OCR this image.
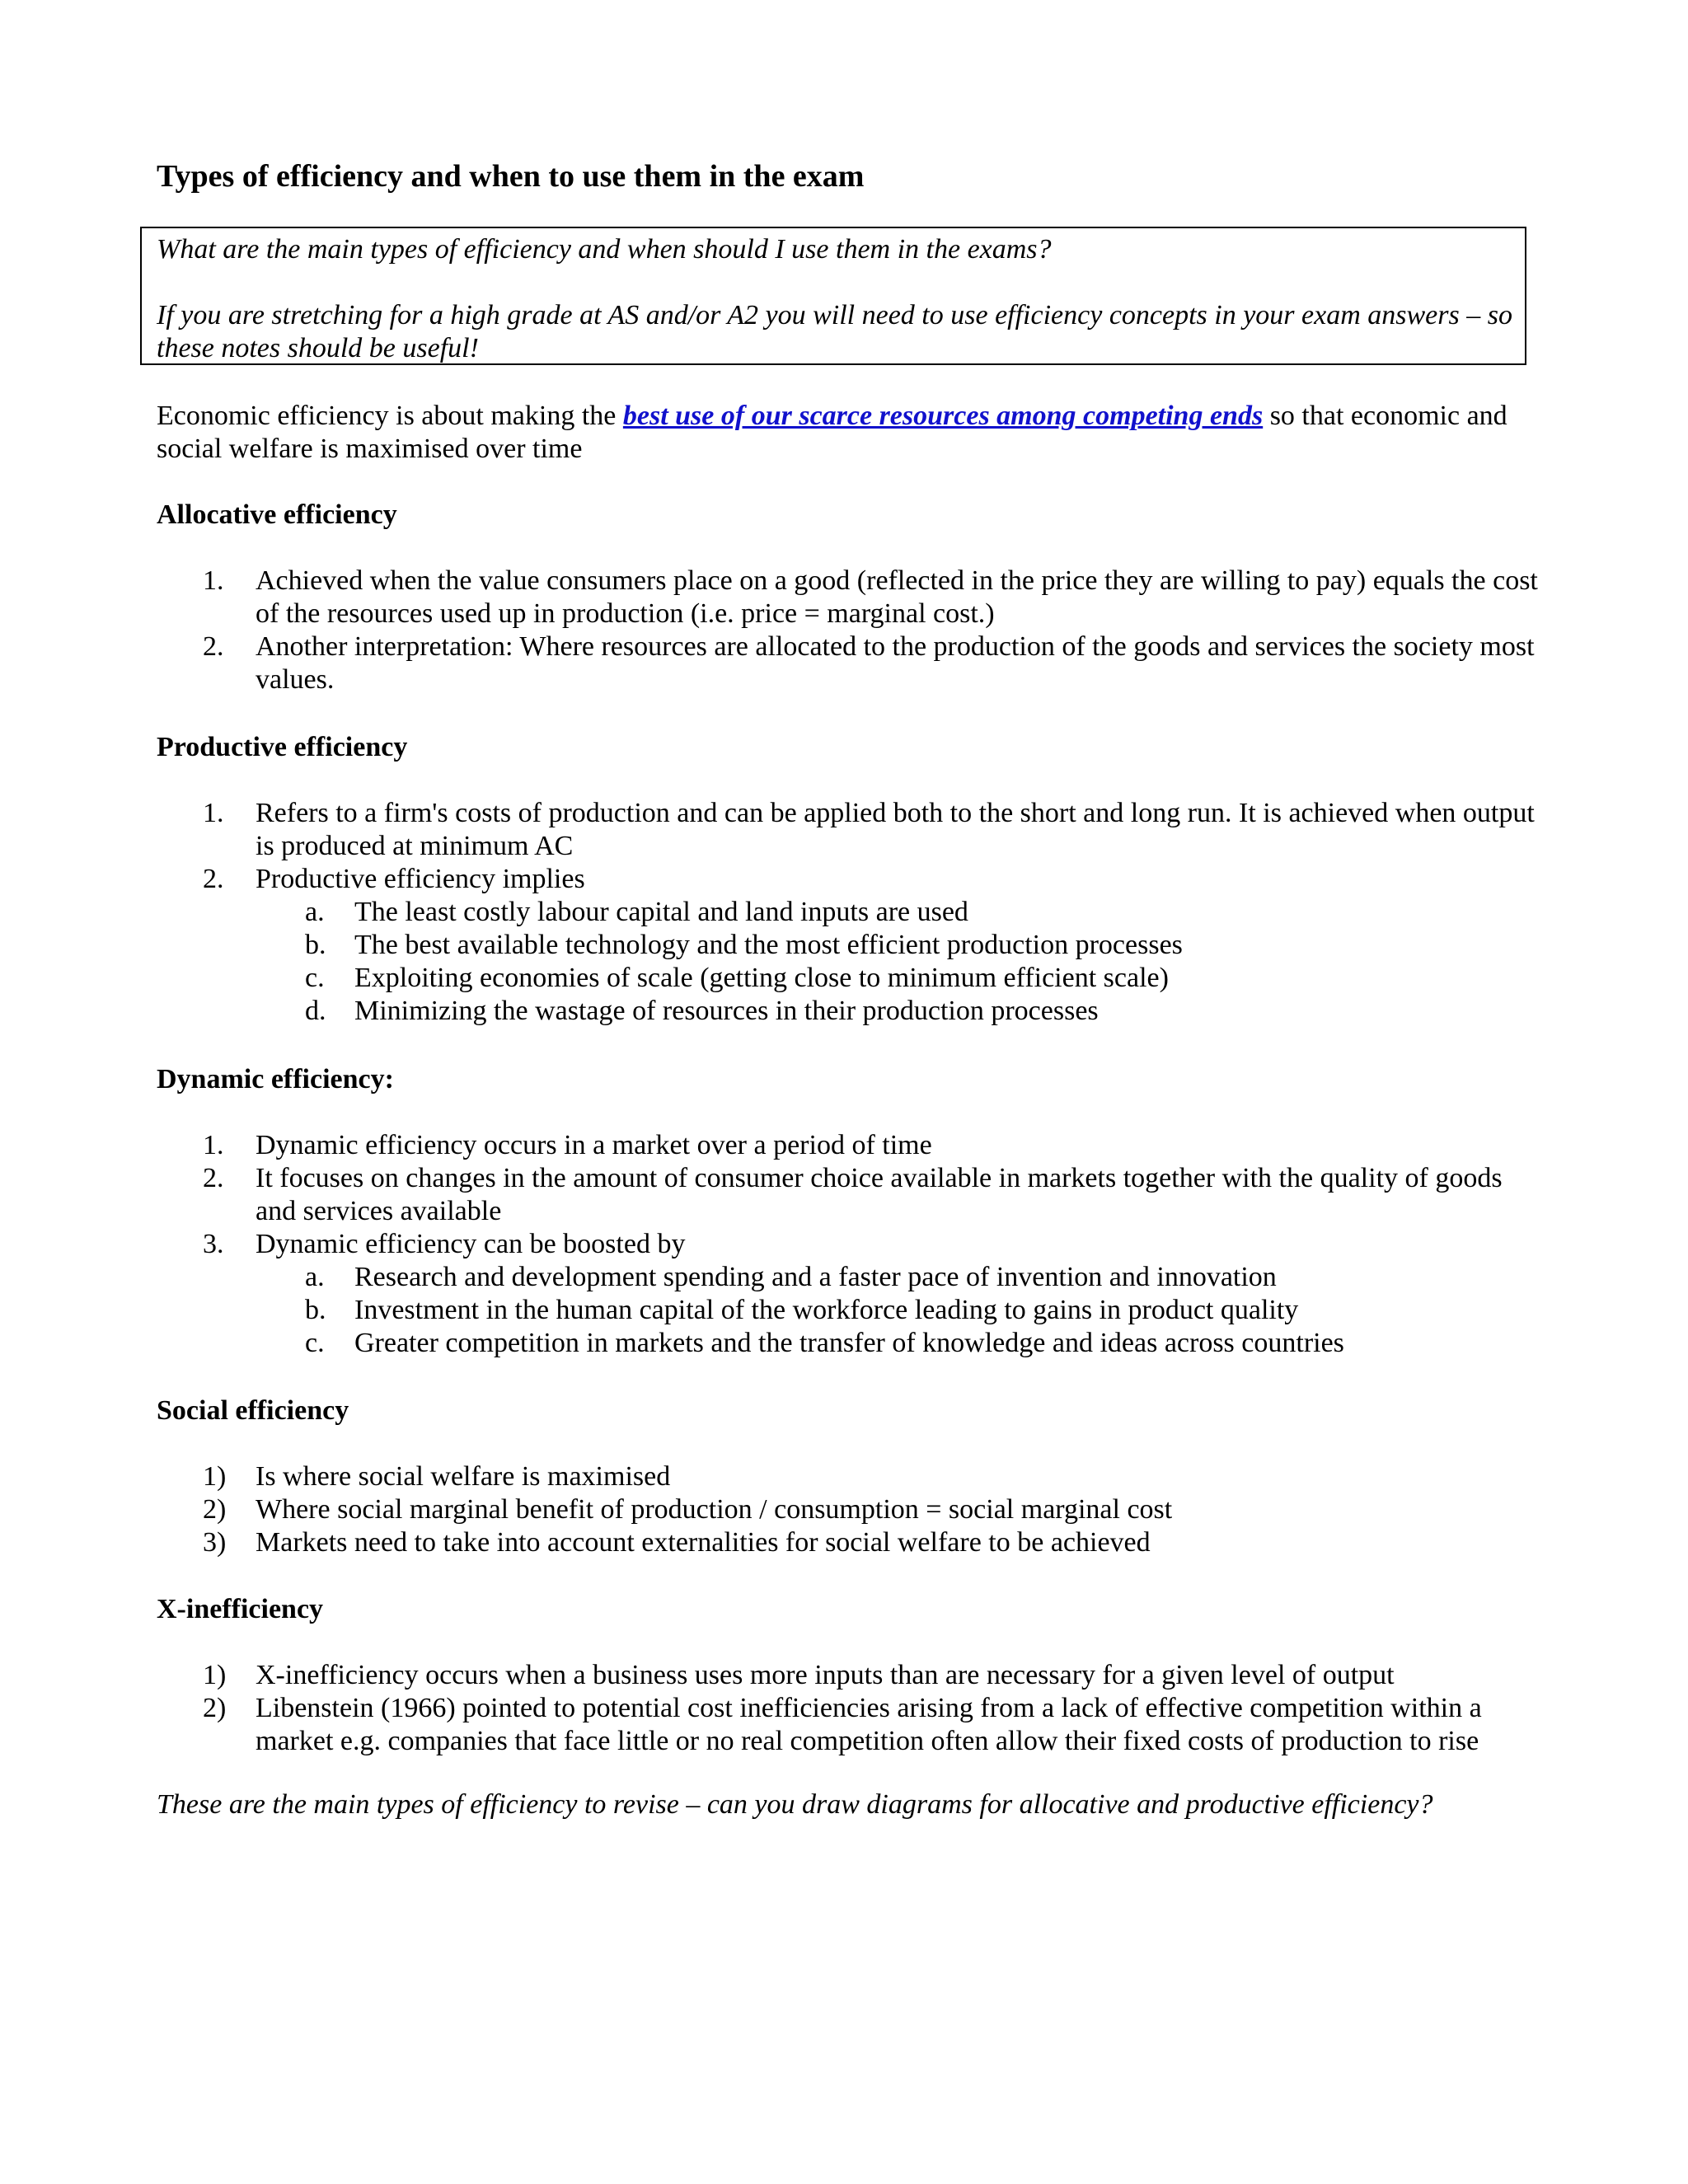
Types of efficiency and when to use them in the exam

What are the main types of efficiency and when should I use them in the exams?

If you are stretching for a high grade at AS and/or A2 you will need to use efficiency concepts in your exam answers – so these notes should be useful!

Economic efficiency is about making the best use of our scarce resources among competing ends so that economic and social welfare is maximised over time

Allocative efficiency
1. Achieved when the value consumers place on a good (reflected in the price they are willing to pay) equals the cost of the resources used up in production (i.e. price = marginal cost.)
2. Another interpretation: Where resources are allocated to the production of the goods and services the society most values.
Productive efficiency
1. Refers to a firm's costs of production and can be applied both to the short and long run. It is achieved when output is produced at minimum AC
2. Productive efficiency implies
a. The least costly labour capital and land inputs are used
b. The best available technology and the most efficient production processes
c. Exploiting economies of scale (getting close to minimum efficient scale)
d. Minimizing the wastage of resources in their production processes
Dynamic efficiency:
1. Dynamic efficiency occurs in a market over a period of time
2. It focuses on changes in the amount of consumer choice available in markets together with the quality of goods and services available
3. Dynamic efficiency can be boosted by
a. Research and development spending and a faster pace of invention and innovation
b. Investment in the human capital of the workforce leading to gains in product quality
c. Greater competition in markets and the transfer of knowledge and ideas across countries
Social efficiency
1) Is where social welfare is maximised
2) Where social marginal benefit of production / consumption = social marginal cost
3) Markets need to take into account externalities for social welfare to be achieved
X-inefficiency
1) X-inefficiency occurs when a business uses more inputs than are necessary for a given level of output
2) Libenstein (1966) pointed to potential cost inefficiencies arising from a lack of effective competition within a market e.g. companies that face little or no real competition often allow their fixed costs of production to rise
These are the main types of efficiency to revise – can you draw diagrams for allocative and productive efficiency?
